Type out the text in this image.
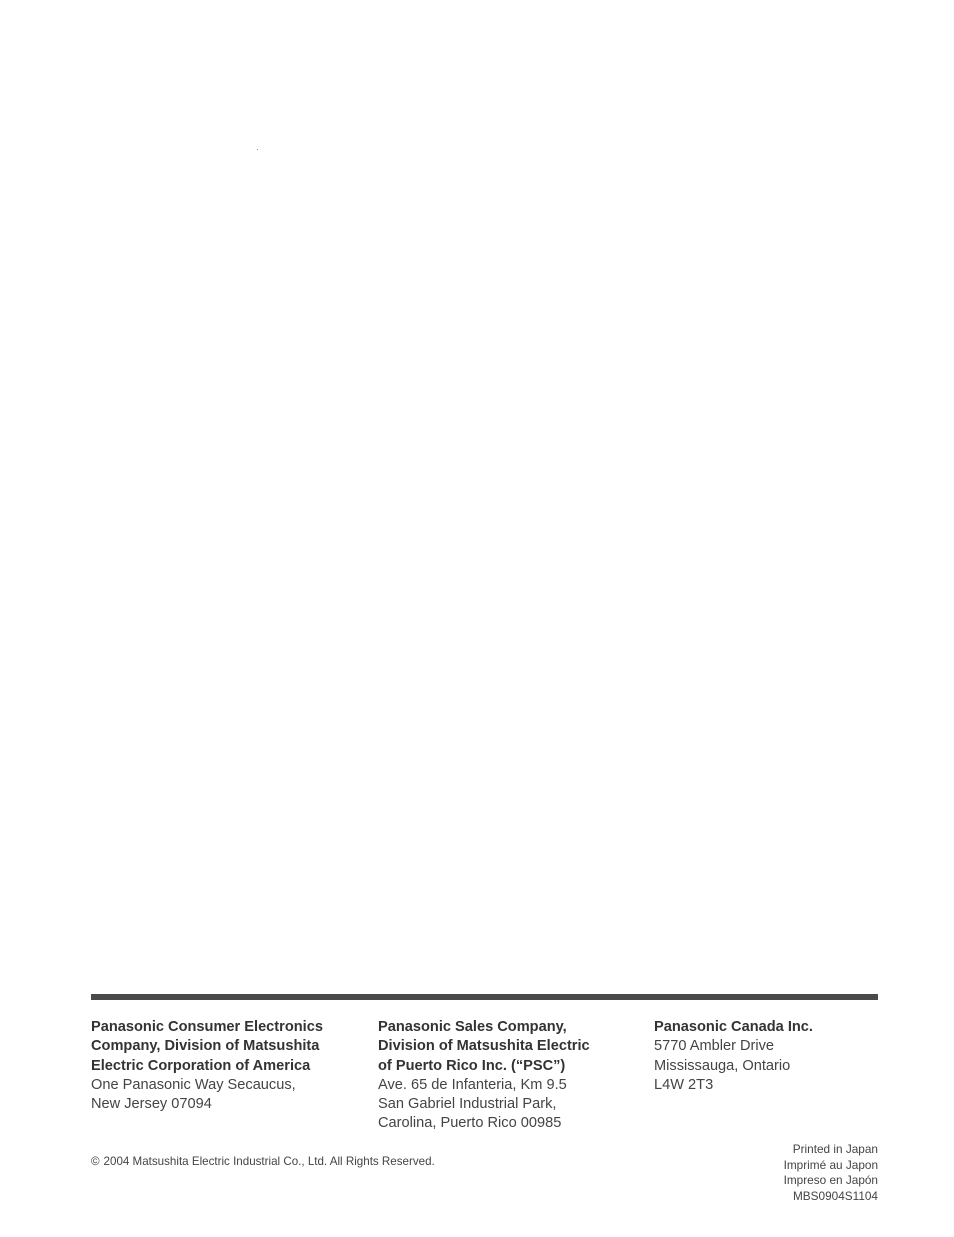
Panasonic Consumer Electronics
Company, Division of Matsushita
Electric Corporation of America
One Panasonic Way Secaucus,
New Jersey 07094
Panasonic Sales Company,
Division of Matsushita Electric
of Puerto Rico Inc. (“PSC”)
Ave. 65 de Infanteria, Km 9.5
San Gabriel Industrial Park,
Carolina, Puerto Rico 00985
Panasonic Canada Inc.
5770 Ambler Drive
Mississauga, Ontario
L4W 2T3
© 2004 Matsushita Electric Industrial Co., Ltd. All Rights Reserved.
Printed in Japan
Imprimé au Japon
Impreso en Japón
MBS0904S1104
